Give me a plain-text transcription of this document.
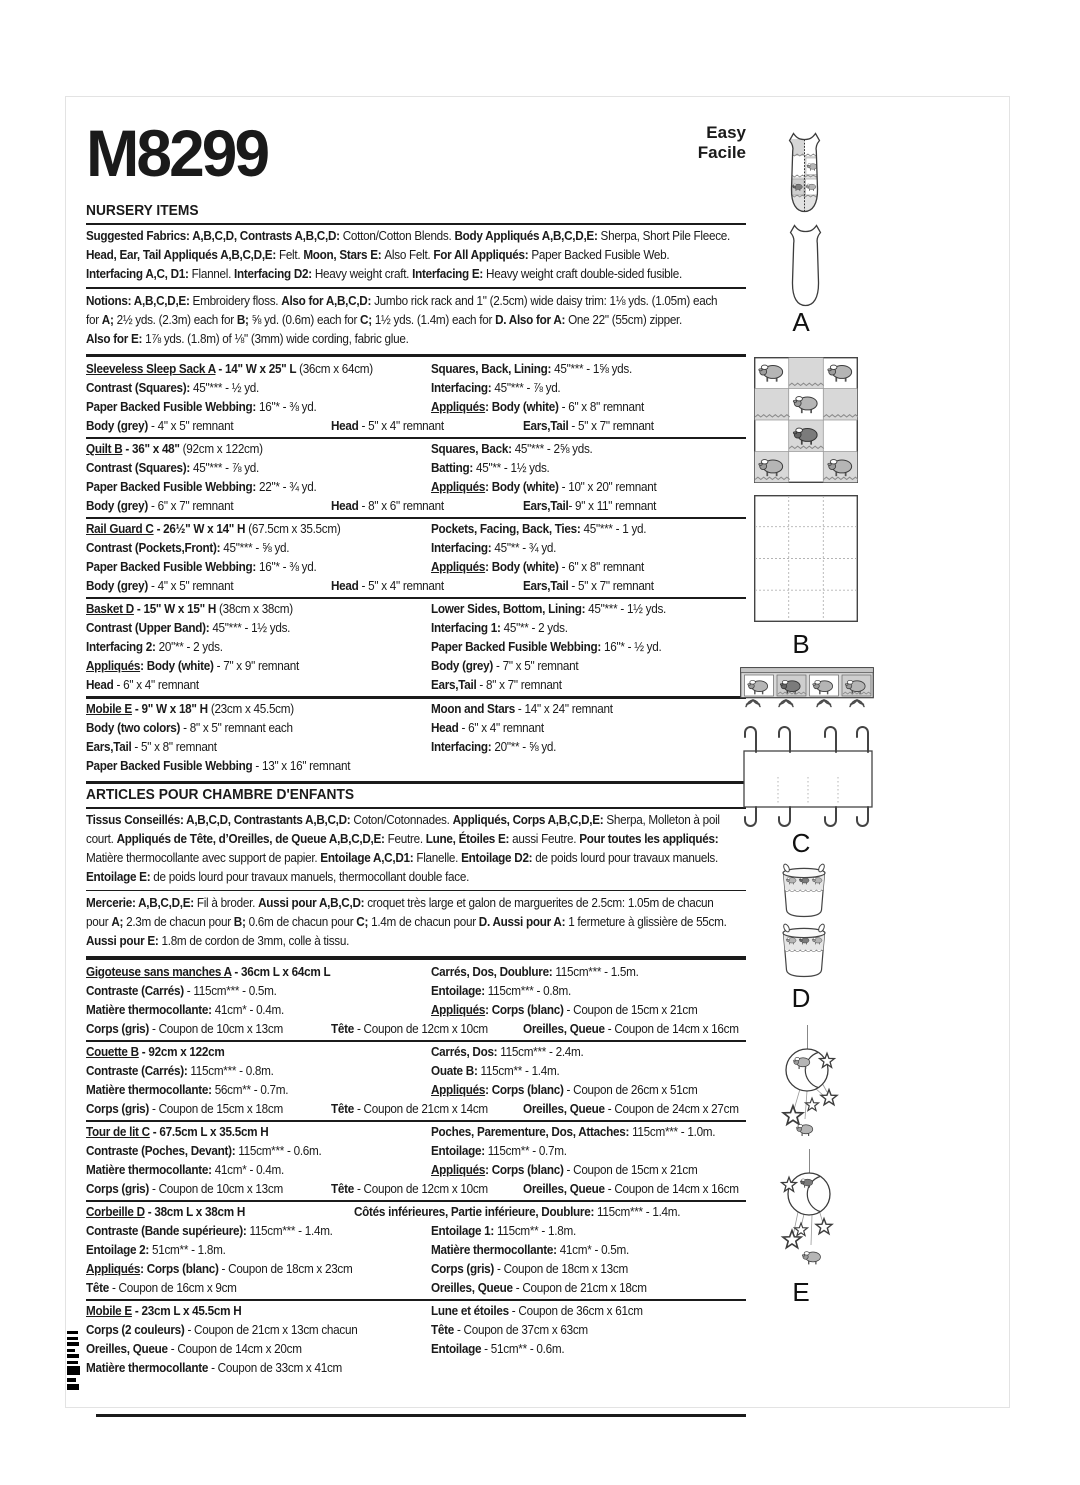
M8299	Easy
Facile
NURSERY ITEMS
Suggested Fabrics: A,B,C,D, Contrasts A,B,C,D: Cotton/Cotton Blends. Body Appliqués A,B,C,D,E: Sherpa, Short Pile Fleece.
Head, Ear, Tail Appliqués A,B,C,D,E: Felt. Moon, Stars E: Also Felt. For All Appliqués: Paper Backed Fusible Web.
Interfacing A,C, D1: Flannel. Interfacing D2: Heavy weight craft. Interfacing E: Heavy weight craft double-sided fusible.
Notions: A,B,C,D,E: Embroidery floss. Also for A,B,C,D: Jumbo rick rack and 1" (2.5cm) wide daisy trim: 1⅛ yds. (1.05m) each
for A; 2½ yds. (2.3m) each for B; ⅝ yd. (0.6m) each for C; 1½ yds. (1.4m) each for D. Also for A: One 22" (55cm) zipper.
Also for E: 1⅞ yds. (1.8m) of ⅛" (3mm) wide cording, fabric glue.
Sleeveless Sleep Sack A - 14" W x 25" L (36cm x 64cm)	Squares, Back, Lining: 45"*** - 1⅝ yds.
Contrast (Squares): 45"*** - ½ yd.	Interfacing: 45"*** - ⅞ yd.
Paper Backed Fusible Webbing: 16"* - ⅜ yd.	Appliqués: Body (white) - 6" x 8" remnant
Body (grey) - 4" x 5" remnant	Head - 5" x 4" remnant	Ears,Tail - 5" x 7" remnant
Quilt B - 36" x 48" (92cm x 122cm)	Squares, Back: 45"*** - 2⅝ yds.
Contrast (Squares): 45"*** - ⅞ yd.	Batting: 45"** - 1½ yds.
Paper Backed Fusible Webbing: 22"* - ¾ yd.	Appliqués: Body (white) - 10" x 20" remnant
Body (grey) - 6" x 7" remnant	Head - 8" x 6" remnant	Ears,Tail- 9" x 11" remnant
Rail Guard C - 26½" W x 14" H (67.5cm x 35.5cm)	Pockets, Facing, Back, Ties: 45"*** - 1 yd.
Contrast (Pockets,Front): 45"*** - ⅝ yd.	Interfacing: 45"** - ¾ yd.
Paper Backed Fusible Webbing: 16"* - ⅜ yd.	Appliqués: Body (white) - 6" x 8" remnant
Body (grey) - 4" x 5" remnant	Head - 5" x 4" remnant	Ears,Tail - 5" x 7" remnant
Basket D - 15" W x 15" H (38cm x 38cm)	Lower Sides, Bottom, Lining: 45"*** - 1½ yds.
Contrast (Upper Band): 45"*** - 1½ yds.	Interfacing 1: 45"** - 2 yds.
Interfacing 2: 20"** - 2 yds.	Paper Backed Fusible Webbing: 16"* - ½ yd.
Appliqués: Body (white) - 7" x 9" remnant	Body (grey) - 7" x 5" remnant
Head - 6" x 4" remnant	Ears,Tail - 8" x 7" remnant
Mobile E - 9" W x 18" H (23cm x 45.5cm)	Moon and Stars - 14" x 24" remnant
Body (two colors) - 8" x 5" remnant each	Head - 6" x 4" remnant
Ears,Tail - 5" x 8" remnant	Interfacing: 20"** - ⅝ yd.
Paper Backed Fusible Webbing - 13" x 16" remnant
ARTICLES POUR CHAMBRE D'ENFANTS
Tissus Conseillés: A,B,C,D, Contrastants A,B,C,D: Coton/Cotonnades. Appliqués, Corps A,B,C,D,E: Sherpa, Molleton à poil
court. Appliqués de Tête, d’Oreilles, de Queue A,B,C,D,E: Feutre. Lune, Étoiles E: aussi Feutre. Pour toutes les appliqués:
Matière thermocollante avec support de papier. Entoilage A,C,D1: Flanelle. Entoilage D2: de poids lourd pour travaux manuels.
Entoilage E: de poids lourd pour travaux manuels, thermocollant double face.
Mercerie: A,B,C,D,E: Fil à broder. Aussi pour A,B,C,D: croquet très large et galon de marguerites de 2.5cm: 1.05m de chacun
pour A; 2.3m de chacun pour B; 0.6m de chacun pour C; 1.4m de chacun pour D. Aussi pour A: 1 fermeture à glissière de 55cm.
Aussi pour E: 1.8m de cordon de 3mm, colle à tissu.
Gigoteuse sans manches A - 36cm L x 64cm L	Carrés, Dos, Doublure: 115cm*** - 1.5m.
Contraste (Carrés) - 115cm*** - 0.5m.	Entoilage: 115cm*** - 0.8m.
Matière thermocollante: 41cm* - 0.4m.	Appliqués: Corps (blanc) - Coupon de 15cm x 21cm
Corps (gris) - Coupon de 10cm x 13cm	Tête - Coupon de 12cm x 10cm	Oreilles, Queue - Coupon de 14cm x 16cm
Couette B - 92cm x 122cm	Carrés, Dos: 115cm*** - 2.4m.
Contraste (Carrés): 115cm*** - 0.8m.	Ouate B: 115cm** - 1.4m.
Matière thermocollante: 56cm** - 0.7m.	Appliqués: Corps (blanc) - Coupon de 26cm x 51cm
Corps (gris) - Coupon de 15cm x 18cm	Tête - Coupon de 21cm x 14cm	Oreilles, Queue - Coupon de 24cm x 27cm
Tour de lit C - 67.5cm L x 35.5cm H	Poches, Parementure, Dos, Attaches: 115cm*** - 1.0m.
Contraste (Poches, Devant): 115cm*** - 0.6m.	Entoilage: 115cm** - 0.7m.
Matière thermocollante: 41cm* - 0.4m.	Appliqués: Corps (blanc) - Coupon de 15cm x 21cm
Corps (gris) - Coupon de 10cm x 13cm	Tête - Coupon de 12cm x 10cm	Oreilles, Queue - Coupon de 14cm x 16cm
Corbeille D - 38cm L x 38cm H	Côtés inférieures, Partie inférieure, Doublure: 115cm*** - 1.4m.
Contraste (Bande supérieure): 115cm*** - 1.4m.	Entoilage 1: 115cm** - 1.8m.
Entoilage 2: 51cm** - 1.8m.	Matière thermocollante: 41cm* - 0.5m.
Appliqués: Corps (blanc) - Coupon de 18cm x 23cm	Corps (gris) - Coupon de 18cm x 13cm
Tête - Coupon de 16cm x 9cm	Oreilles, Queue - Coupon de 21cm x 18cm
Mobile E - 23cm L x 45.5cm H	Lune et étoiles - Coupon de 36cm x 61cm
Corps (2 couleurs) - Coupon de 21cm x 13cm chacun	Tête - Coupon de 37cm x 63cm
Oreilles, Queue - Coupon de 14cm x 20cm	Entoilage - 51cm** - 0.6m.
Matière thermocollante - Coupon de 33cm x 41cm
A
B
C
D
E
